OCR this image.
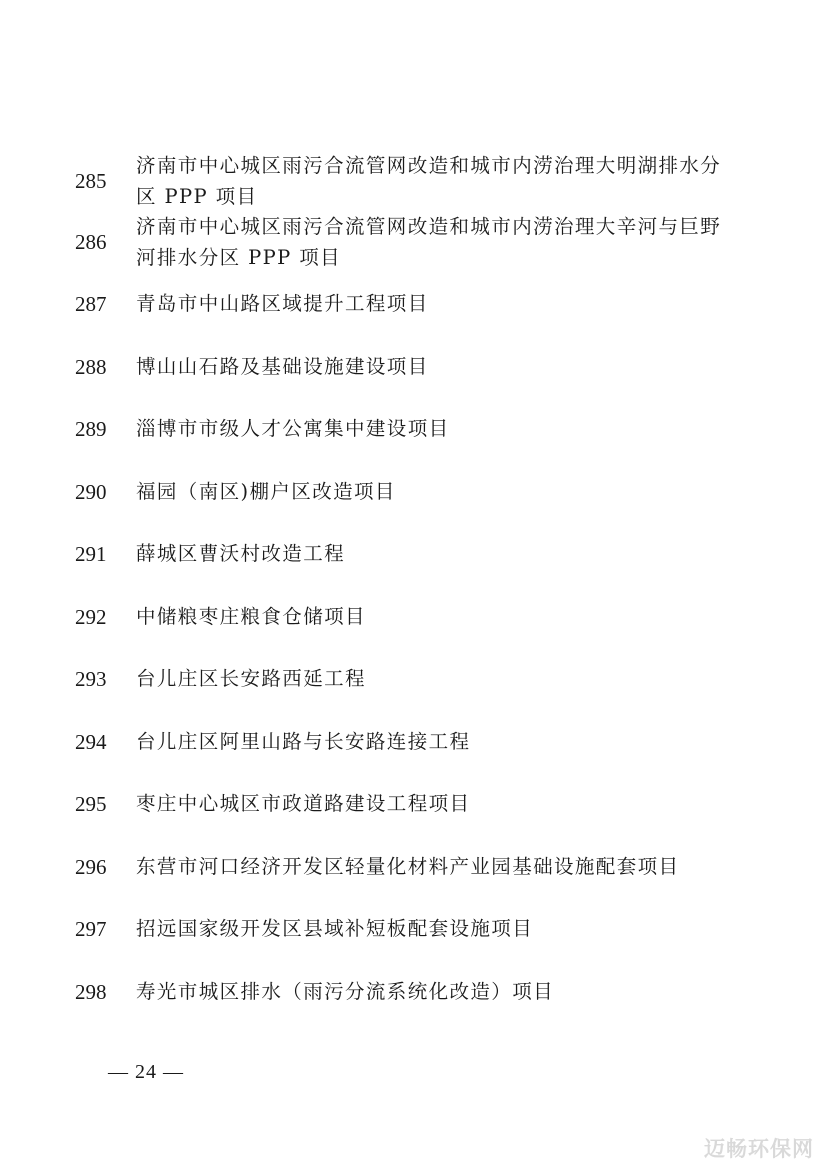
285
济南市中心城区雨污合流管网改造和城市内涝治理大明湖排水分区 PPP 项目
286
济南市中心城区雨污合流管网改造和城市内涝治理大辛河与巨野河排水分区 PPP 项目
287 青岛市中山路区域提升工程项目
288 博山山石路及基础设施建设项目
289 淄博市市级人才公寓集中建设项目
290 福园（南区)棚户区改造项目
291 薛城区曹沃村改造工程
292 中储粮枣庄粮食仓储项目
293 台儿庄区长安路西延工程
294 台儿庄区阿里山路与长安路连接工程
295 枣庄中心城区市政道路建设工程项目
296 东营市河口经济开发区轻量化材料产业园基础设施配套项目
297 招远国家级开发区县域补短板配套设施项目
298 寿光市城区排水（雨污分流系统化改造）项目
— 24 —
迈畅环保网
